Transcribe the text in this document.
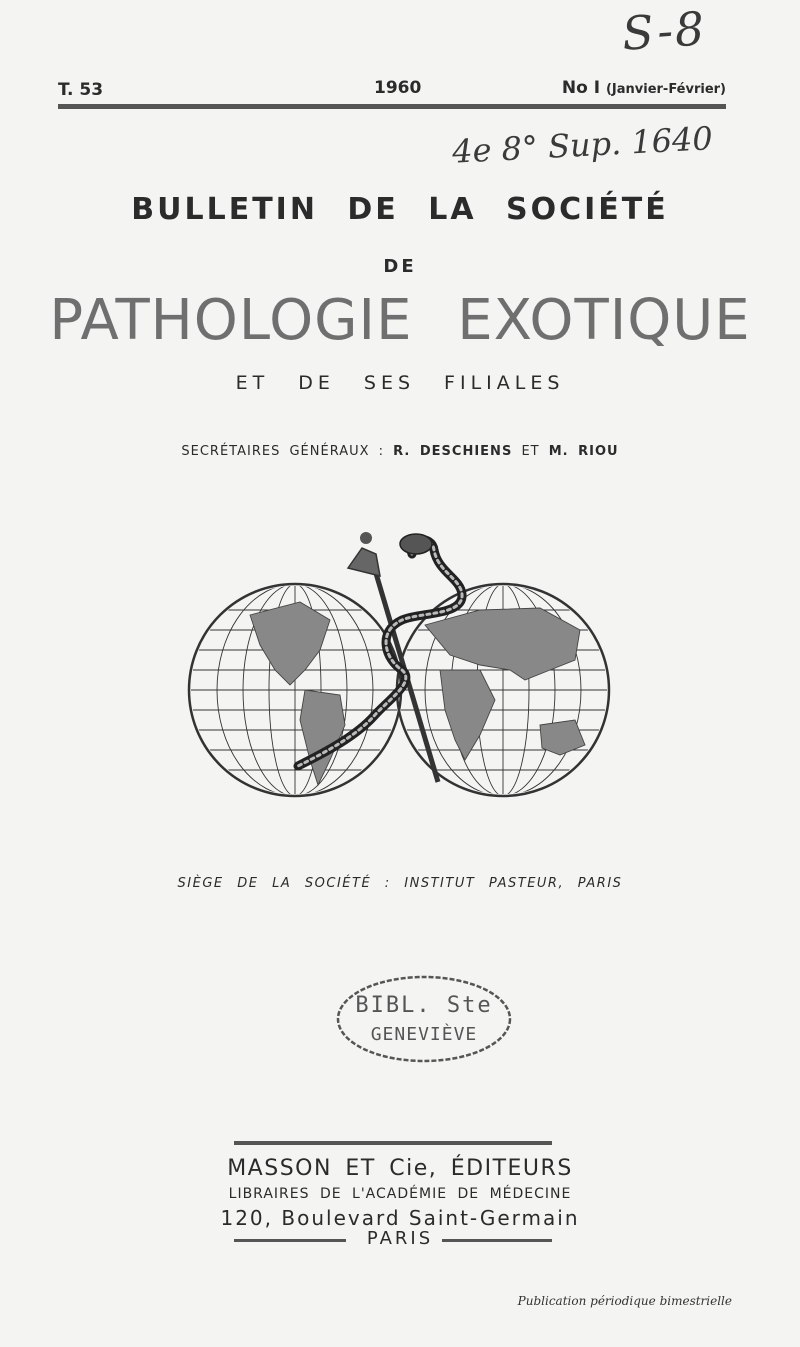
S-8
T. 53	1960	No I (Janvier-Février)
4e 8° Sup. 1640
BULLETIN DE LA SOCIÉTÉ
DE
PATHOLOGIE EXOTIQUE
ET DE SES FILIALES
SECRÉTAIRES GÉNÉRAUX : R. DESCHIENS ET M. RIOU
SIÈGE DE LA SOCIÉTÉ : INSTITUT PASTEUR, PARIS
BIBL. Ste
GENEVIÈVE
MASSON ET Cie, ÉDITEURS
LIBRAIRES DE L'ACADÉMIE DE MÉDECINE
120, Boulevard Saint-Germain
PARIS
Publication périodique bimestrielle
